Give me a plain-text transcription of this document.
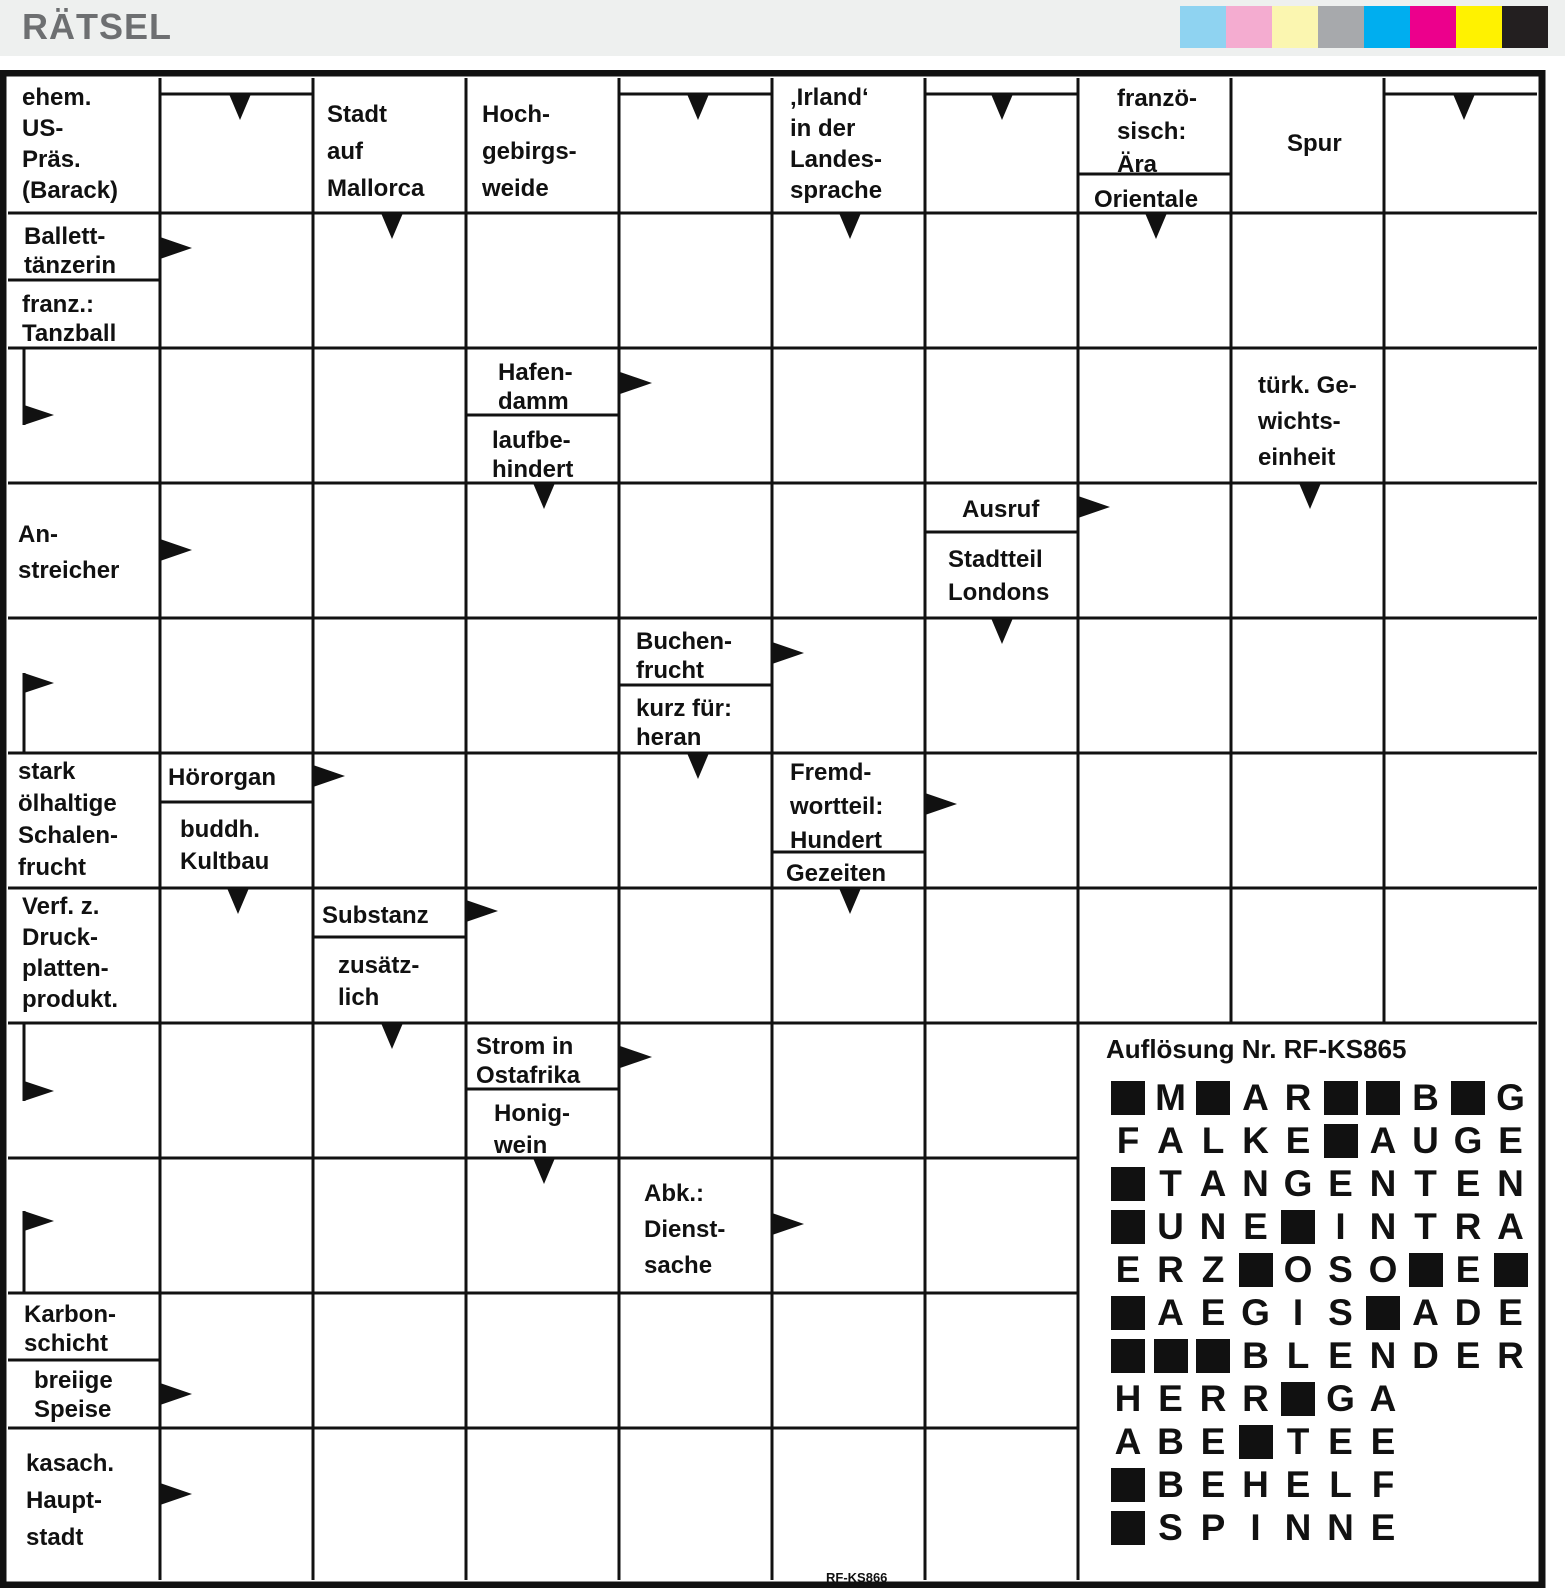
RÄTSEL
ehem.
US-
Präs.
(Barack)
Stadt
auf
Mallorca
Hoch-
gebirgs-
weide
‚Irland‘
in der
Landes-
sprache
franzö-
sisch:
Ära
Orientale
Spur
Ballett-
tänzerin
franz.:
Tanzball
Hafen-
damm
laufbe-
hindert
türk. Ge-
wichts-
einheit
An-
streicher
Ausruf
Stadtteil
Londons
Buchen-
frucht
kurz für:
heran
stark
ölhaltige
Schalen-
frucht
Hörorgan
buddh.
Kultbau
Fremd-
wortteil:
Hundert
Gezeiten
Verf. z.
Druck-
platten-
produkt.
Substanz
zusätz-
lich
Strom in
Ostafrika
Honig-
wein
Abk.:
Dienst-
sache
Karbon-
schicht
breiige
Speise
kasach.
Haupt-
stadt
Auflösung Nr. RF-KS865
M A R	B G
F A L K E A U G E
T A N G E N T E N
U N E	I N T R A
E R Z O S O E
A E G I S A D E
B L E N D E R
H E R R G A
A B E T E E
B E H E L F
S P I N N E
RF-KS866
